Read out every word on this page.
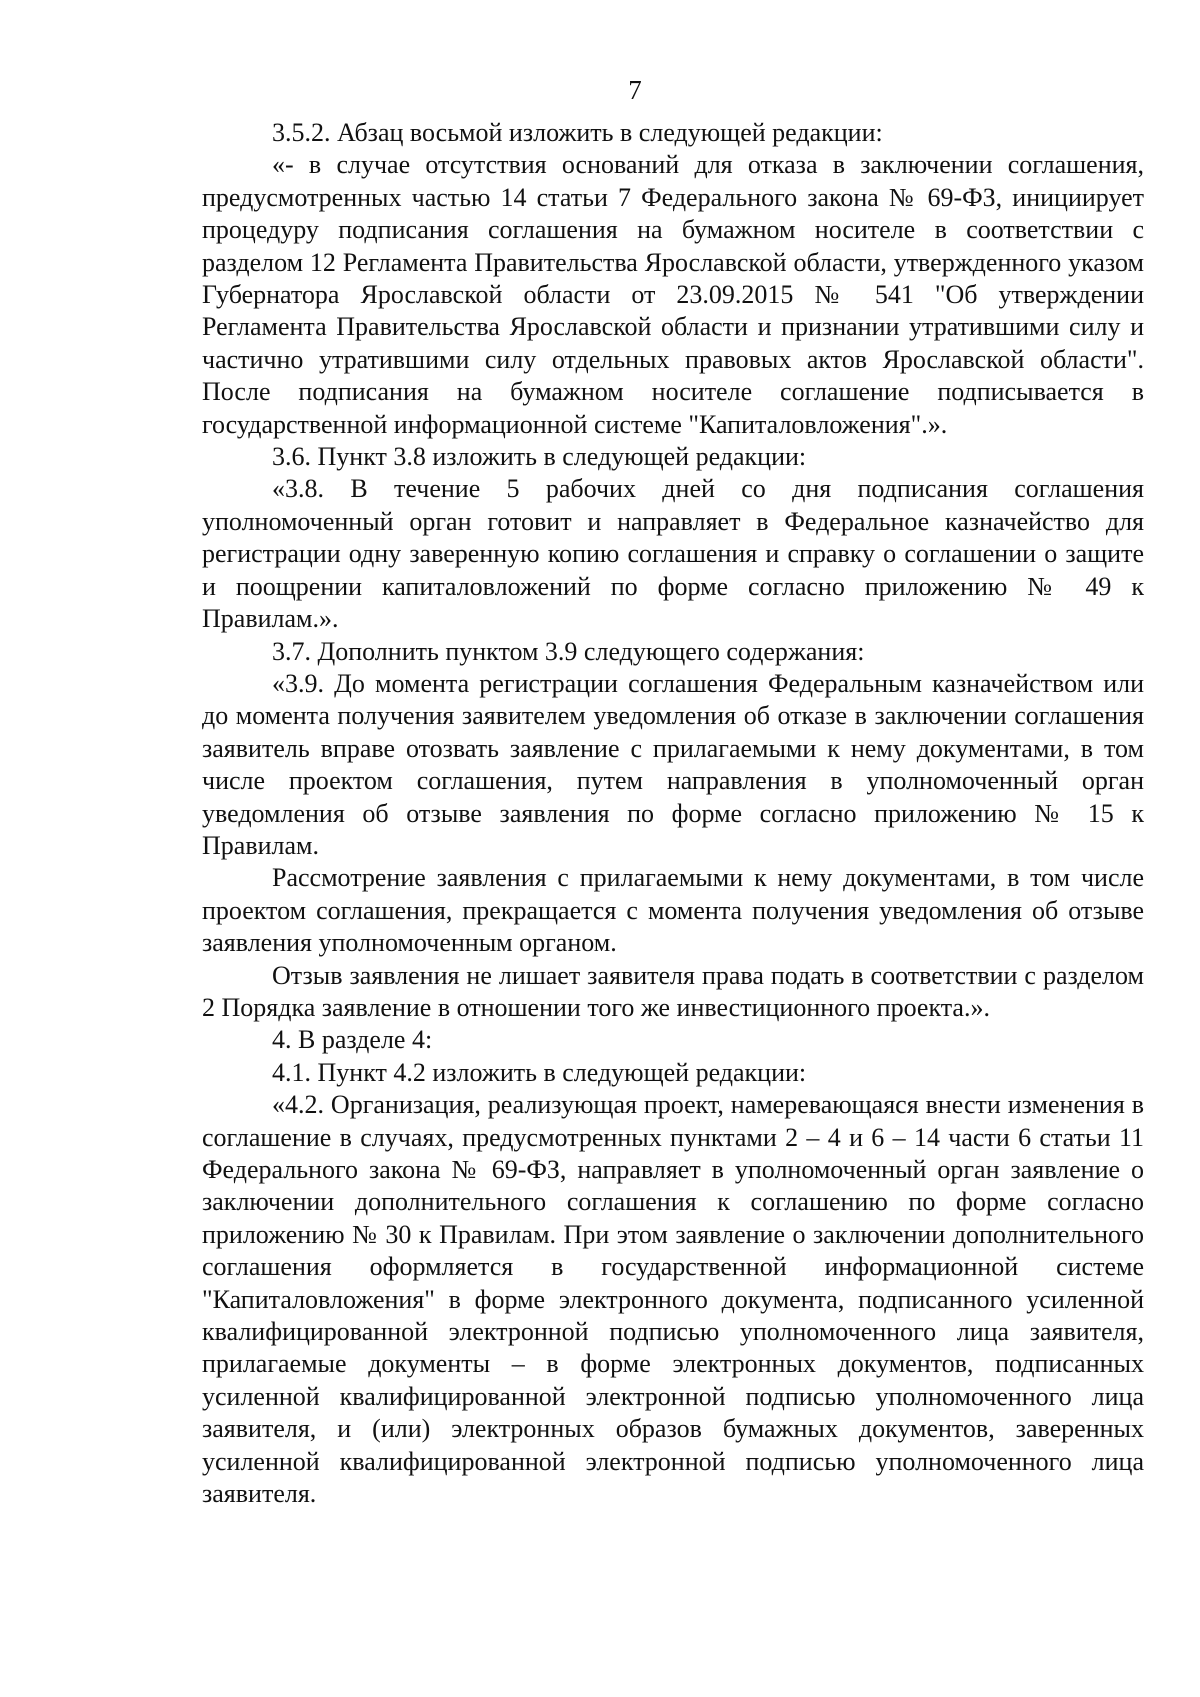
7

3.5.2. Абзац восьмой изложить в следующей редакции:

«- в случае отсутствия оснований для отказа в заключении соглашения, предусмотренных частью 14 статьи 7 Федерального закона № 69-ФЗ, инициирует процедуру подписания соглашения на бумажном носителе в соответствии с разделом 12 Регламента Правительства Ярославской области, утвержденного указом Губернатора Ярославской области от 23.09.2015 № 541 "Об утверждении Регламента Правительства Ярославской области и признании утратившими силу и частично утратившими силу отдельных правовых актов Ярославской области". После подписания на бумажном носителе соглашение подписывается в государственной информационной системе "Капиталовложения".».

3.6. Пункт 3.8 изложить в следующей редакции:

«3.8. В течение 5 рабочих дней со дня подписания соглашения уполномоченный орган готовит и направляет в Федеральное казначейство для регистрации одну заверенную копию соглашения и справку о соглашении о защите и поощрении капиталовложений по форме согласно приложению № 49 к Правилам.».

3.7. Дополнить пунктом 3.9 следующего содержания:

«3.9. До момента регистрации соглашения Федеральным казначейством или до момента получения заявителем уведомления об отказе в заключении соглашения заявитель вправе отозвать заявление с прилагаемыми к нему документами, в том числе проектом соглашения, путем направления в уполномоченный орган уведомления об отзыве заявления по форме согласно приложению № 15 к Правилам.

Рассмотрение заявления с прилагаемыми к нему документами, в том числе проектом соглашения, прекращается с момента получения уведомления об отзыве заявления уполномоченным органом.

Отзыв заявления не лишает заявителя права подать в соответствии с разделом 2 Порядка заявление в отношении того же инвестиционного проекта.».

4. В разделе 4:

4.1. Пункт 4.2 изложить в следующей редакции:

«4.2. Организация, реализующая проект, намеревающаяся внести изменения в соглашение в случаях, предусмотренных пунктами 2 – 4 и 6 – 14 части 6 статьи 11 Федерального закона № 69-ФЗ, направляет в уполномоченный орган заявление о заключении дополнительного соглашения к соглашению по форме согласно приложению № 30 к Правилам. При этом заявление о заключении дополнительного соглашения оформляется в государственной информационной системе "Капиталовложения" в форме электронного документа, подписанного усиленной квалифицированной электронной подписью уполномоченного лица заявителя, прилагаемые документы – в форме электронных документов, подписанных усиленной квалифицированной электронной подписью уполномоченного лица заявителя, и (или) электронных образов бумажных документов, заверенных усиленной квалифицированной электронной подписью уполномоченного лица заявителя.
